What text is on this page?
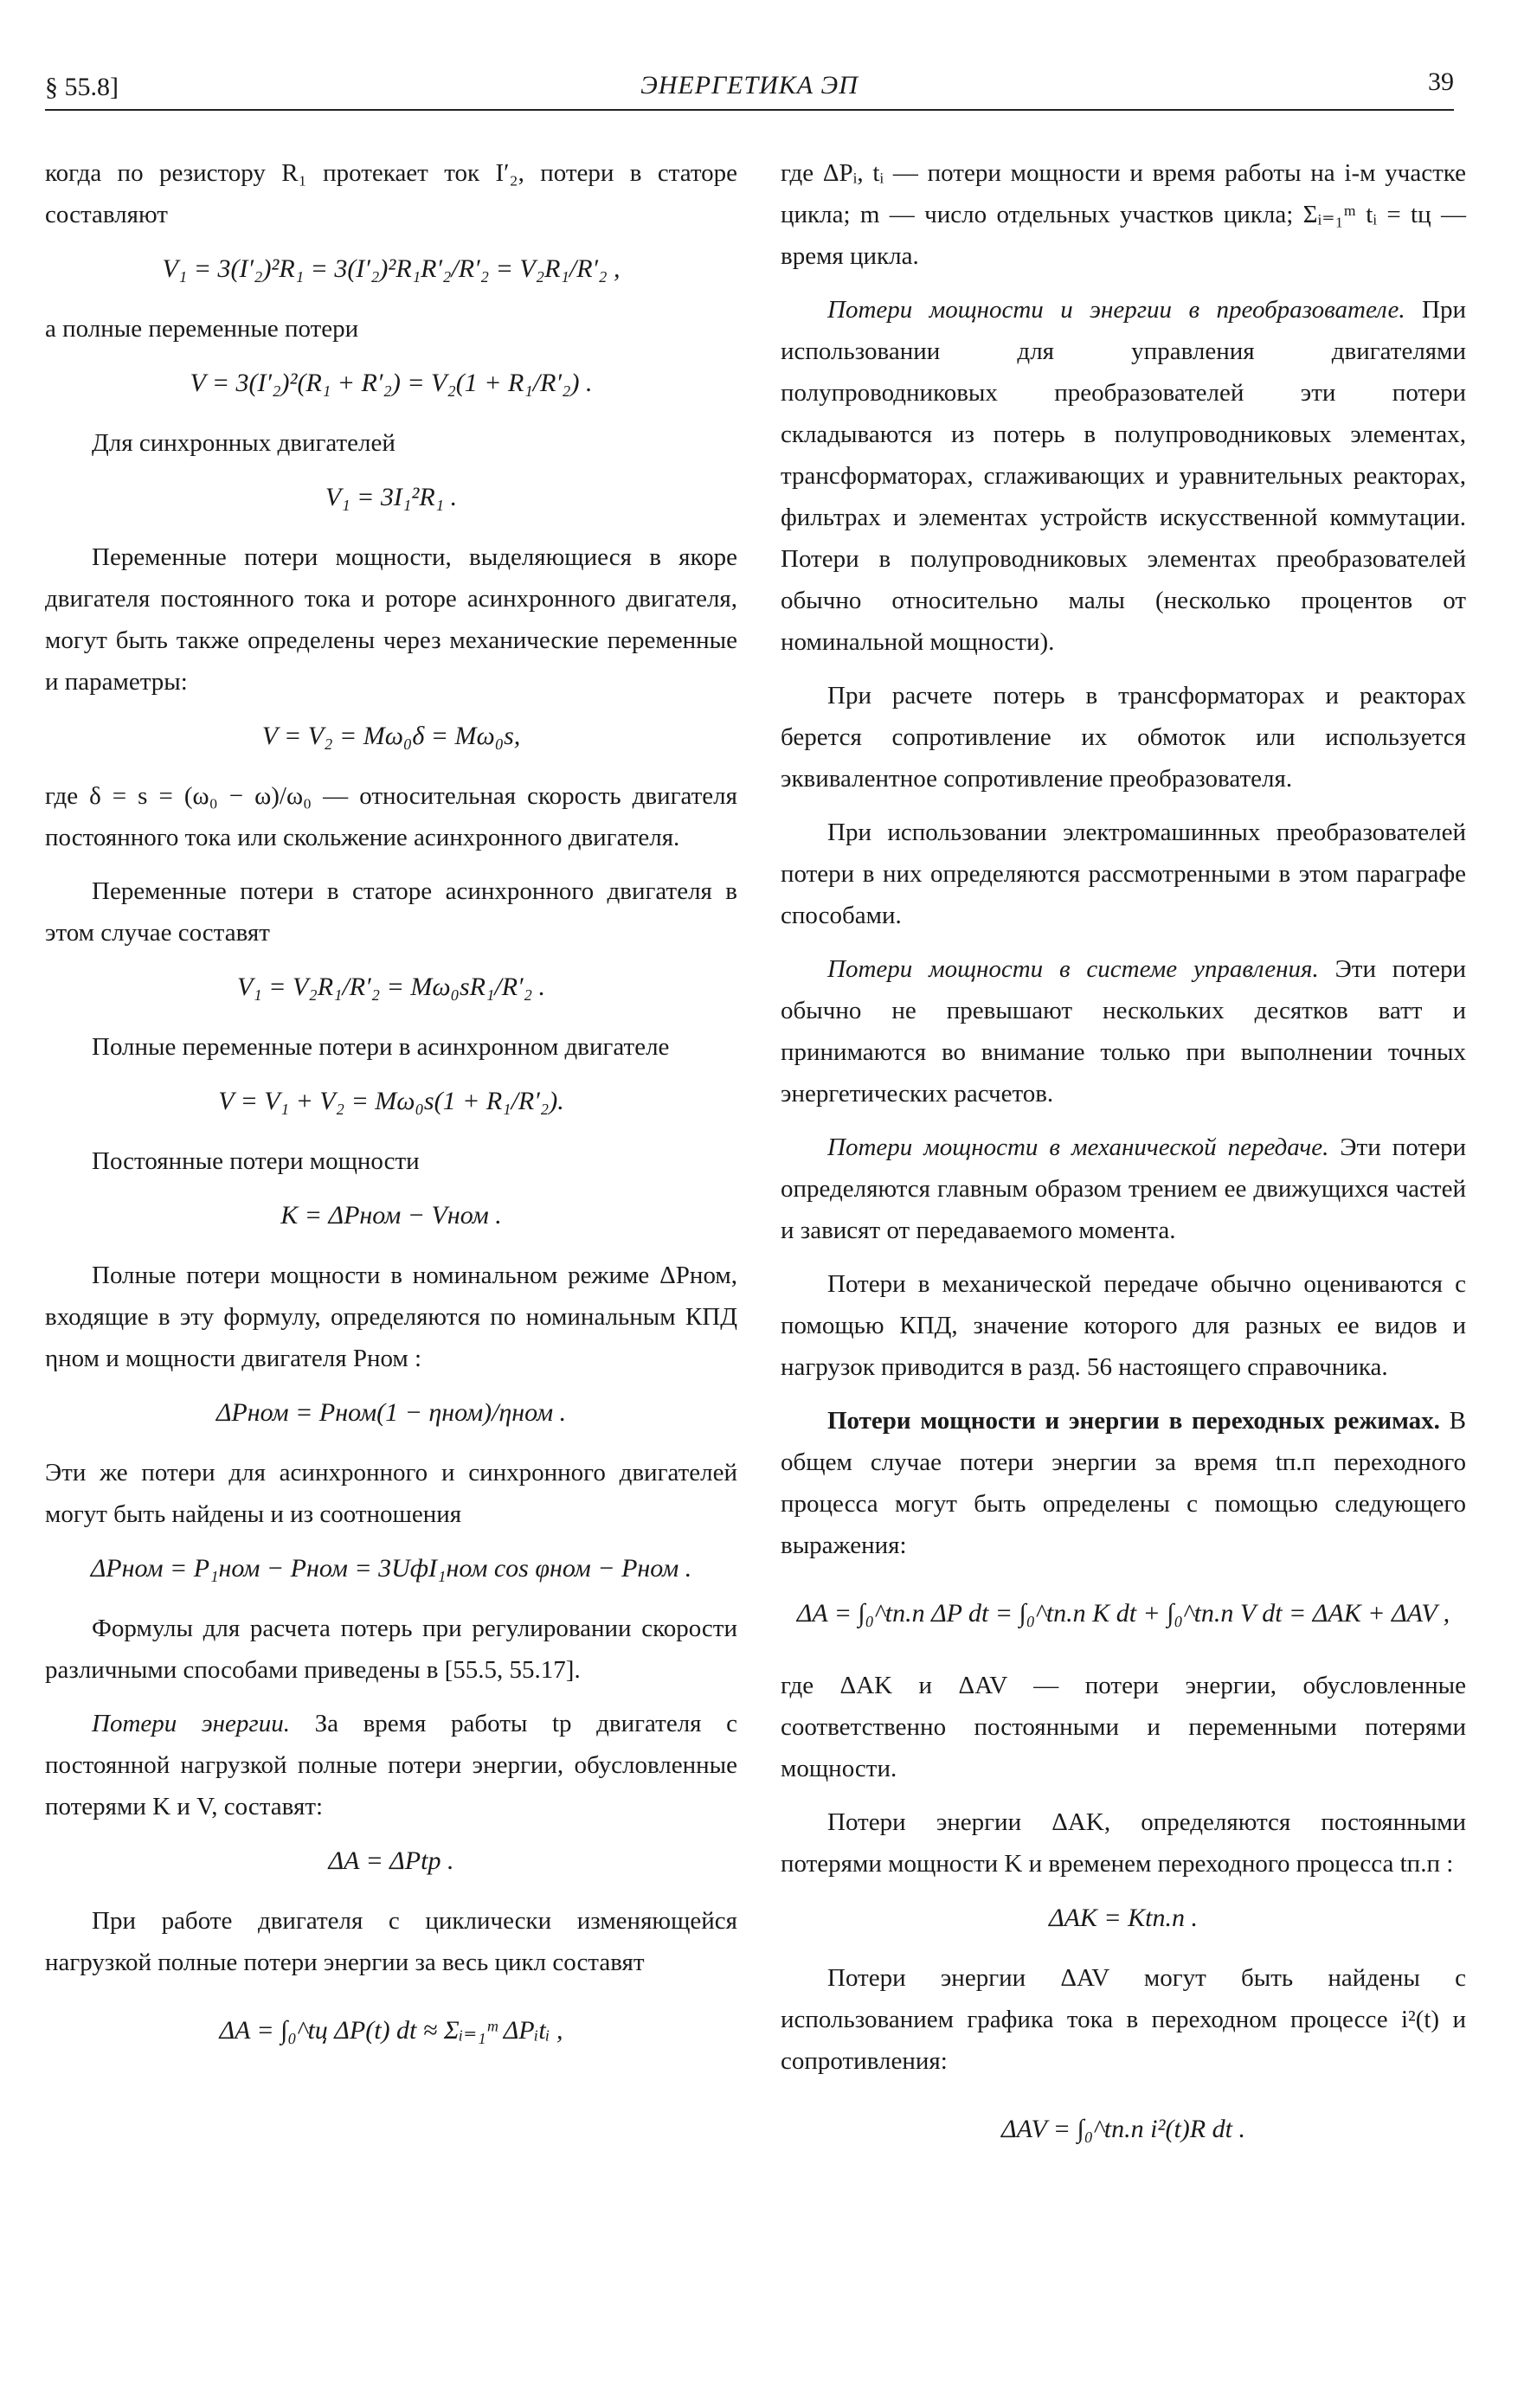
§ 55.8]	ЭНЕРГЕТИКА ЭП	39

когда по резистору R₁ протекает ток I′₂, потери в статоре составляют

V₁ = 3(I′₂)²R₁ = 3(I′₂)²R₁R′₂/R′₂ = V₂R₁/R′₂ ,

а полные переменные потери

V = 3(I′₂)²(R₁ + R′₂) = V₂(1 + R₁/R′₂) .

Для синхронных двигателей

V₁ = 3I₁²R₁ .

Переменные потери мощности, выделяющиеся в якоре двигателя постоянного тока и роторе асинхронного двигателя, могут быть также определены через механические переменные и параметры:

V = V₂ = Mω₀δ = Mω₀s,

где δ = s = (ω₀ − ω)/ω₀ — относительная скорость двигателя постоянного тока или скольжение асинхронного двигателя.

Переменные потери в статоре асинхронного двигателя в этом случае составят

V₁ = V₂R₁/R′₂ = Mω₀sR₁/R′₂ .

Полные переменные потери в асинхронном двигателе

V = V₁ + V₂ = Mω₀s(1 + R₁/R′₂).

Постоянные потери мощности

K = ΔPном − Vном .

Полные потери мощности в номинальном режиме ΔPном, входящие в эту формулу, определяются по номинальным КПД ηном и мощности двигателя Pном :

ΔPном = Pном(1 − ηном)/ηном .

Эти же потери для асинхронного и синхронного двигателей могут быть найдены и из соотношения

ΔPном = P₁ном − Pном = 3UфI₁ном cos φном − Pном .

Формулы для расчета потерь при регулировании скорости различными способами приведены в [55.5, 55.17].

Потери энергии. За время работы tр двигателя с постоянной нагрузкой полные потери энергии, обусловленные потерями K и V, составят:

ΔA = ΔPtр .

При работе двигателя с циклически изменяющейся нагрузкой полные потери энергии за весь цикл составят

ΔA = ∫₀^tц ΔP(t) dt ≈ Σᵢ₌₁ᵐ ΔPᵢtᵢ ,

где ΔPᵢ, tᵢ — потери мощности и время работы на i-м участке цикла; m — число отдельных участков цикла; Σᵢ₌₁ᵐ tᵢ = tц — время цикла.

Потери мощности и энергии в преобразователе. При использовании для управления двигателями полупроводниковых преобразователей эти потери складываются из потерь в полупроводниковых элементах, трансформаторах, сглаживающих и уравнительных реакторах, фильтрах и элементах устройств искусственной коммутации. Потери в полупроводниковых элементах преобразователей обычно относительно малы (несколько процентов от номинальной мощности).

При расчете потерь в трансформаторах и реакторах берется сопротивление их обмоток или используется эквивалентное сопротивление преобразователя.

При использовании электромашинных преобразователей потери в них определяются рассмотренными в этом параграфе способами.

Потери мощности в системе управления. Эти потери обычно не превышают нескольких десятков ватт и принимаются во внимание только при выполнении точных энергетических расчетов.

Потери мощности в механической передаче. Эти потери определяются главным образом трением ее движущихся частей и зависят от передаваемого момента.

Потери в механической передаче обычно оцениваются с помощью КПД, значение которого для разных ее видов и нагрузок приводится в разд. 56 настоящего справочника.

Потери мощности и энергии в переходных режимах. В общем случае потери энергии за время tп.п переходного процесса могут быть определены с помощью следующего выражения:

ΔA = ∫₀^tп.п ΔP dt = ∫₀^tп.п K dt + ∫₀^tп.п V dt = ΔAK + ΔAV ,

где ΔAK и ΔAV — потери энергии, обусловленные соответственно постоянными и переменными потерями мощности.

Потери энергии ΔAK, определяются постоянными потерями мощности K и временем переходного процесса tп.п :

ΔAK = Ktп.п .

Потери энергии ΔAV могут быть найдены с использованием графика тока в переходном процессе i²(t) и сопротивления:

ΔAV = ∫₀^tп.п i²(t)R dt .
